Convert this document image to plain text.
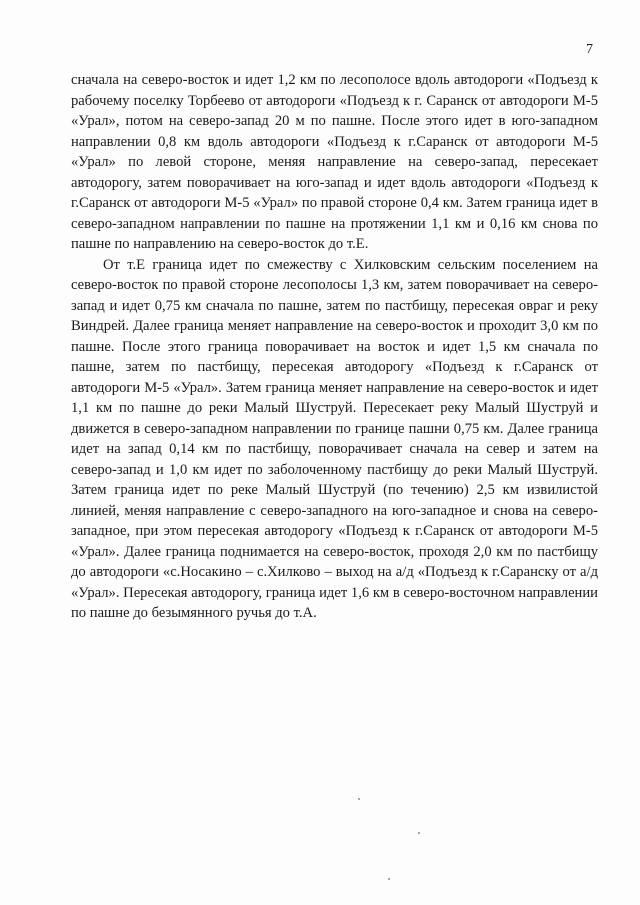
7

сначала на северо-восток и идет 1,2 км по лесополосе вдоль автодороги «Подъезд к рабочему поселку Торбеево от автодороги «Подъезд к г. Саранск от автодороги М-5 «Урал», потом на северо-запад 20 м по пашне. После этого идет в юго-западном направлении 0,8 км вдоль автодороги «Подъезд к г.Саранск от автодороги М-5 «Урал» по левой стороне, меняя направление на северо-запад, пересекает автодорогу, затем поворачивает на юго-запад и идет вдоль автодороги «Подъезд к г.Саранск от автодороги М-5 «Урал» по правой стороне 0,4 км. Затем граница идет в северо-западном направлении по пашне на протяжении 1,1 км и 0,16 км снова по пашне по направлению на северо-восток до т.Е.

От т.Е граница идет по смежеству с Хилковским сельским поселением на северо-восток по правой стороне лесополосы 1,3 км, затем поворачивает на северо-запад и идет 0,75 км сначала по пашне, затем по пастбищу, пересекая овраг и реку Виндрей. Далее граница меняет направление на северо-восток и проходит 3,0 км по пашне. После этого граница поворачивает на восток и идет 1,5 км сначала по пашне, затем по пастбищу, пересекая автодорогу «Подъезд к г.Саранск от автодороги М-5 «Урал». Затем граница меняет направление на северо-восток и идет 1,1 км по пашне до реки Малый Шуструй. Пересекает реку Малый Шуструй и движется в северо-западном направлении по границе пашни 0,75 км. Далее граница идет на запад 0,14 км по пастбищу, поворачивает сначала на север и затем на северо-запад и 1,0 км идет по заболоченному пастбищу до реки Малый Шуструй. Затем граница идет по реке Малый Шуструй (по течению) 2,5 км извилистой линией, меняя направление с северо-западного на юго-западное и снова на северо-западное, при этом пересекая автодорогу «Подъезд к г.Саранск от автодороги М-5 «Урал». Далее граница поднимается на северо-восток, проходя 2,0 км по пастбищу до автодороги «с.Носакино – с.Хилково – выход на а/д «Подъезд к г.Саранску от а/д «Урал». Пересекая автодорогу, граница идет 1,6 км в северо-восточном направлении по пашне до безымянного ручья до т.А.
